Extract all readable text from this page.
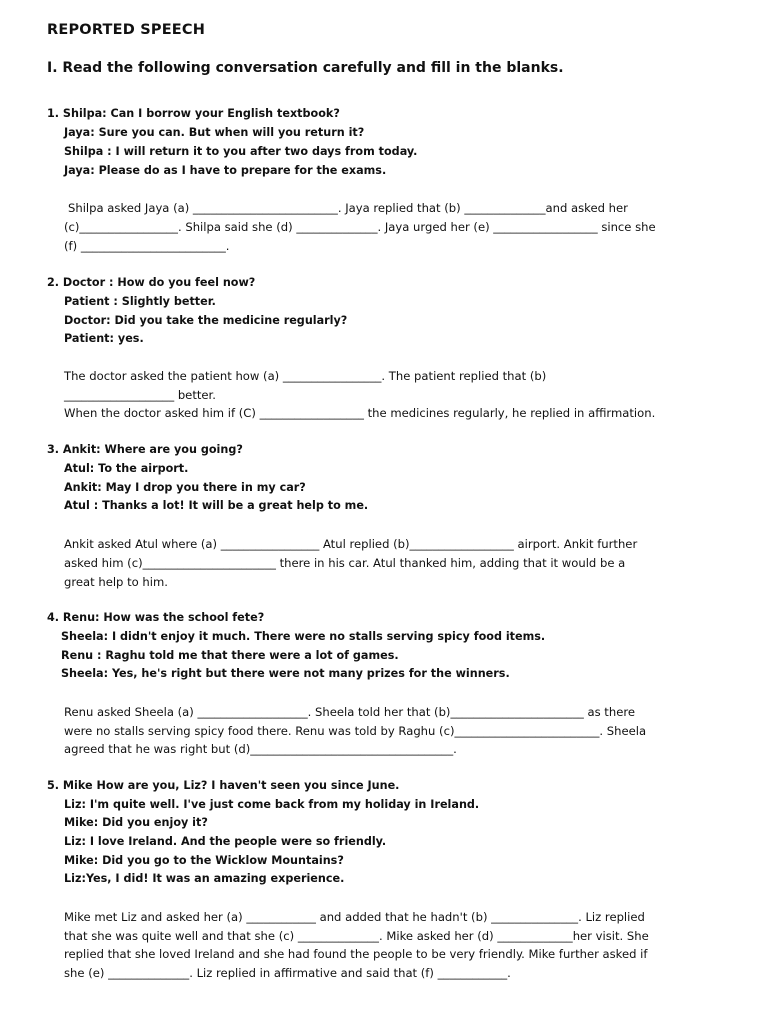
REPORTED SPEECH
I. Read the following conversation carefully and fill in the blanks.
1. Shilpa: Can I borrow your English textbook?
Jaya: Sure you can. But when will you return it?
Shilpa : I will return it to you after two days from today.
Jaya: Please do as I have to prepare for the exams.
Shilpa asked Jaya (a) _________________________. Jaya replied that (b) ______________and asked her
(c)_________________. Shilpa said she (d) ______________. Jaya urged her (e) __________________ since she
(f) _________________________.
2. Doctor : How do you feel now?
Patient : Slightly better.
Doctor: Did you take the medicine regularly?
Patient: yes.
The doctor asked the patient how (a) _________________. The patient replied that (b)
___________________ better.
When the doctor asked him if (C) __________________ the medicines regularly, he replied in affirmation.
3. Ankit: Where are you going?
Atul: To the airport.
Ankit: May I drop you there in my car?
Atul : Thanks a lot! It will be a great help to me.
Ankit asked Atul where (a) _________________ Atul replied (b)__________________ airport. Ankit further
asked him (c)_______________________ there in his car. Atul thanked him, adding that it would be a
great help to him.
4. Renu: How was the school fete?
Sheela: I didn't enjoy it much. There were no stalls serving spicy food items.
Renu : Raghu told me that there were a lot of games.
Sheela: Yes, he's right but there were not many prizes for the winners.
Renu asked Sheela (a) ___________________. Sheela told her that (b)_______________________ as there
were no stalls serving spicy food there. Renu was told by Raghu (c)_________________________. Sheela
agreed that he was right but (d)___________________________________.
5. Mike How are you, Liz? I haven't seen you since June.
Liz: I'm quite well. I've just come back from my holiday in Ireland.
Mike: Did you enjoy it?
Liz: I love Ireland. And the people were so friendly.
Mike: Did you go to the Wicklow Mountains?
Liz:Yes, I did! It was an amazing experience.
Mike met Liz and asked her (a) ____________ and added that he hadn't (b) _______________. Liz replied
that she was quite well and that she (c) ______________. Mike asked her (d) _____________her visit. She
replied that she loved Ireland and she had found the people to be very friendly. Mike further asked if
she (e) ______________. Liz replied in affirmative and said that (f) ____________.
